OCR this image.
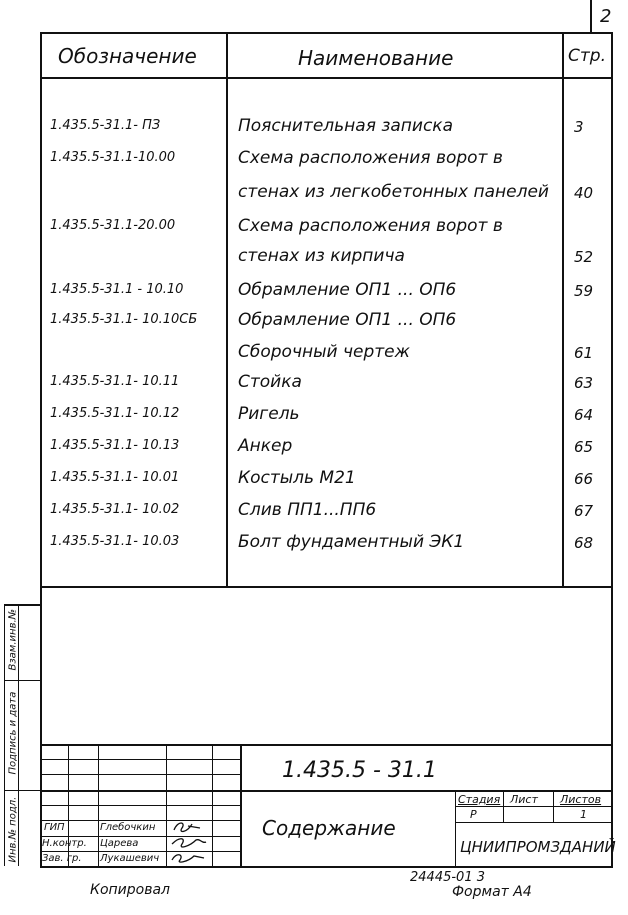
2
Обозначение	Наименование	Стр.
1.435.5-31.1- ПЗ	Пояснительная записка	3
1.435.5-31.1-10.00	Схема расположения ворот в
стенах из легкобетонных панелей 40
1.435.5-31.1-20.00	Схема расположения ворот в
стенах из кирпича	52
1.435.5-31.1 - 10.10	Обрамление ОП1 ... ОП6	59
1.435.5-31.1- 10.10СБ Обрамление ОП1 ... ОП6
Сборочный чертеж	61
1.435.5-31.1- 10.11	Стойка	63
1.435.5-31.1- 10.12	Ригель	64
1.435.5-31.1- 10.13	Анкер	65
1.435.5-31.1- 10.01	Костыль М21	66
1.435.5-31.1- 10.02	Слив ПП1...ПП6	67
1.435.5-31.1- 10.03	Болт фундаментный ЭК1	68
Взам.инв.№
Подпись и дата
Инв.№ подл.
1.435.5 - 31.1
Содержание
Стадия Лист Листов
Р	1
ЦНИИПРОМЗДАНИЙ
ГИП	Глебочкин
Н.контр. Царева
Зав. гр. Лукашевич
Копировал
24445-01 3
Формат А4
